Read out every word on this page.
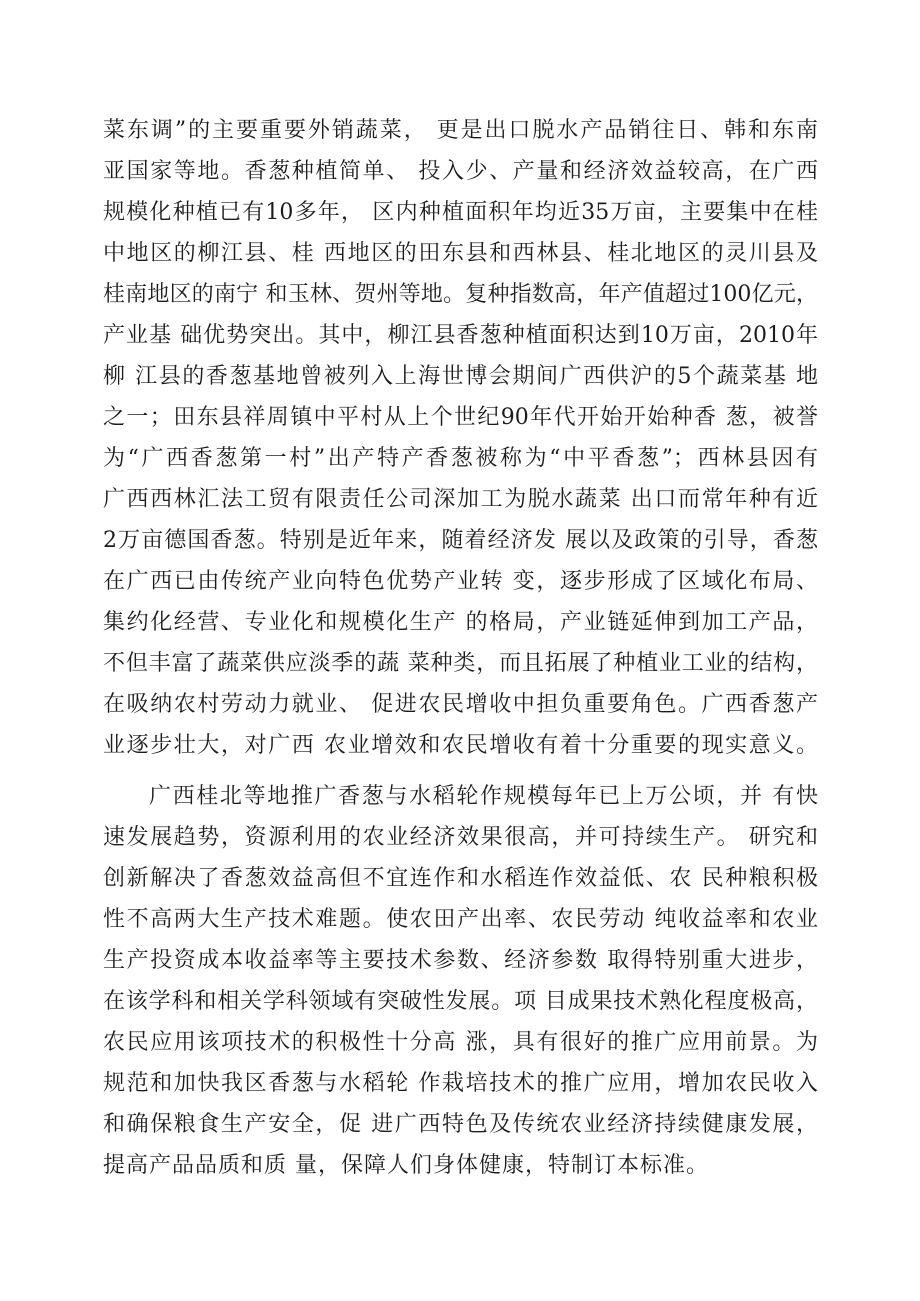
菜东调”的主要重要外销蔬菜， 更是出口脱水产品销往日、韩和东南
亚国家等地。香葱种植简单、 投入少、产量和经济效益较高，在广西
规模化种植已有10多年， 区内种植面积年均近35万亩，主要集中在桂
中地区的柳江县、桂 西地区的田东县和西林县、桂北地区的灵川县及
桂南地区的南宁 和玉林、贺州等地。复种指数高，年产值超过100亿元，
产业基 础优势突出。其中，柳江县香葱种植面积达到10万亩，2010年
柳 江县的香葱基地曾被列入上海世博会期间广西供沪的5个蔬菜基 地
之一；田东县祥周镇中平村从上个世纪90年代开始开始种香 葱，被誉
为“广西香葱第一村”出产特产香葱被称为“中平香葱”；西林县因有
广西西林汇法工贸有限责任公司深加工为脱水蔬菜 出口而常年种有近
2万亩德国香葱。特别是近年来，随着经济发 展以及政策的引导，香葱
在广西已由传统产业向特色优势产业转 变，逐步形成了区域化布局、
集约化经营、专业化和规模化生产 的格局，产业链延伸到加工产品，
不但丰富了蔬菜供应淡季的蔬 菜种类，而且拓展了种植业工业的结构，
在吸纳农村劳动力就业、 促进农民增收中担负重要角色。广西香葱产
业逐步壮大，对广西 农业增效和农民增收有着十分重要的现实意义。
广西桂北等地推广香葱与水稻轮作规模每年已上万公顷，并 有快
速发展趋势，资源利用的农业经济效果很高，并可持续生产。 研究和
创新解决了香葱效益高但不宜连作和水稻连作效益低、农 民种粮积极
性不高两大生产技术难题。使农田产出率、农民劳动 纯收益率和农业
生产投资成本收益率等主要技术参数、经济参数 取得特别重大进步，
在该学科和相关学科领域有突破性发展。项 目成果技术熟化程度极高，
农民应用该项技术的积极性十分高 涨，具有很好的推广应用前景。为
规范和加快我区香葱与水稻轮 作栽培技术的推广应用，增加农民收入
和确保粮食生产安全，促 进广西特色及传统农业经济持续健康发展，
提高产品品质和质 量，保障人们身体健康，特制订本标准。
